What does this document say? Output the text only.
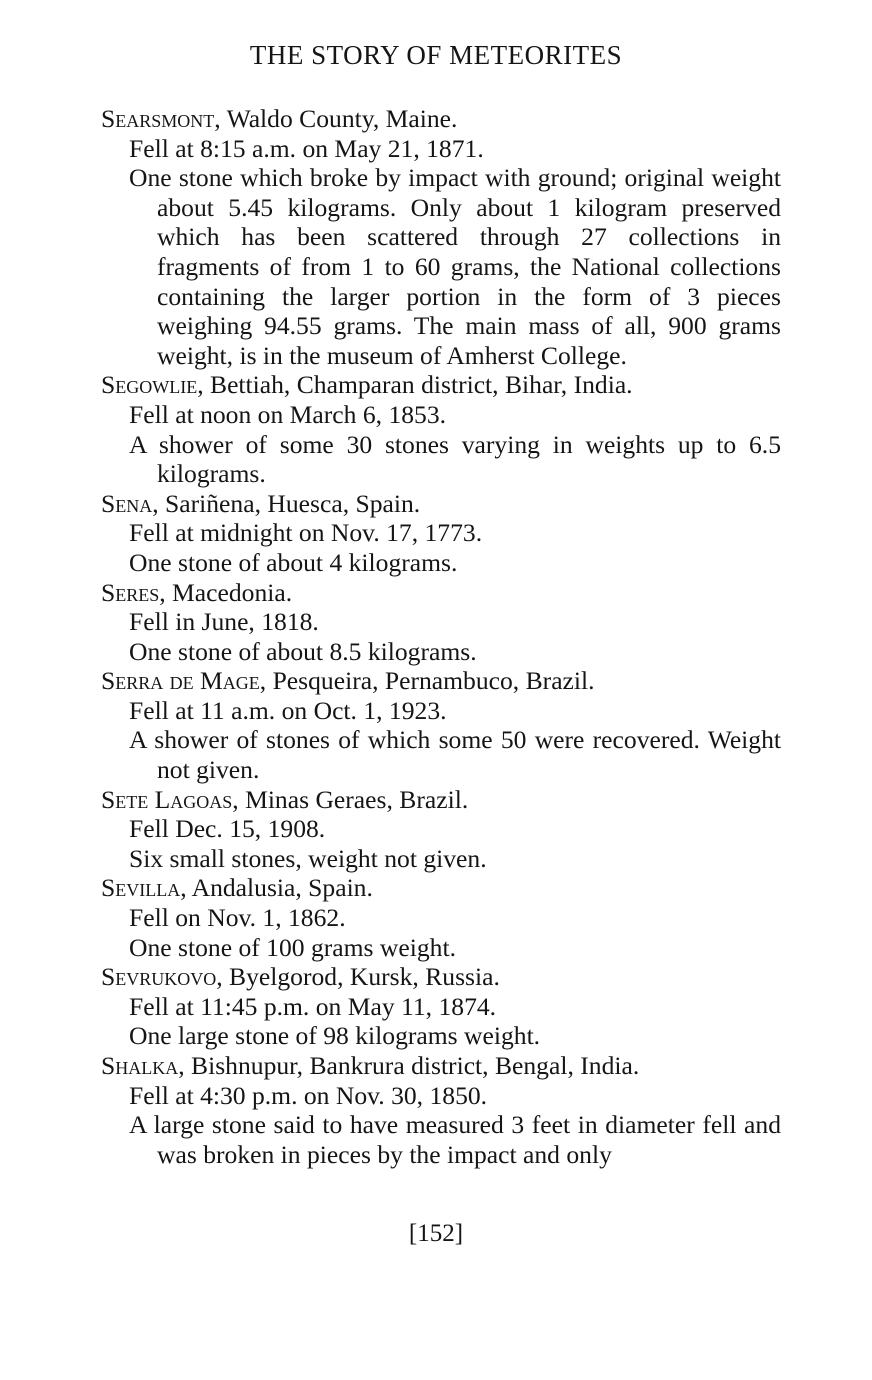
THE STORY OF METEORITES
Searsmont, Waldo County, Maine.
Fell at 8:15 a.m. on May 21, 1871.
One stone which broke by impact with ground; original weight about 5.45 kilograms. Only about 1 kilogram preserved which has been scattered through 27 collections in fragments of from 1 to 60 grams, the National collections containing the larger portion in the form of 3 pieces weighing 94.55 grams. The main mass of all, 900 grams weight, is in the museum of Amherst College.
Segowlie, Bettiah, Champaran district, Bihar, India.
Fell at noon on March 6, 1853.
A shower of some 30 stones varying in weights up to 6.5 kilograms.
Sena, Sariñena, Huesca, Spain.
Fell at midnight on Nov. 17, 1773.
One stone of about 4 kilograms.
Seres, Macedonia.
Fell in June, 1818.
One stone of about 8.5 kilograms.
Serra de Mage, Pesqueira, Pernambuco, Brazil.
Fell at 11 a.m. on Oct. 1, 1923.
A shower of stones of which some 50 were recovered. Weight not given.
Sete Lagoas, Minas Geraes, Brazil.
Fell Dec. 15, 1908.
Six small stones, weight not given.
Sevilla, Andalusia, Spain.
Fell on Nov. 1, 1862.
One stone of 100 grams weight.
Sevrukovo, Byelgorod, Kursk, Russia.
Fell at 11:45 p.m. on May 11, 1874.
One large stone of 98 kilograms weight.
Shalka, Bishnupur, Bankrura district, Bengal, India.
Fell at 4:30 p.m. on Nov. 30, 1850.
A large stone said to have measured 3 feet in diameter fell and was broken in pieces by the impact and only
[152]
